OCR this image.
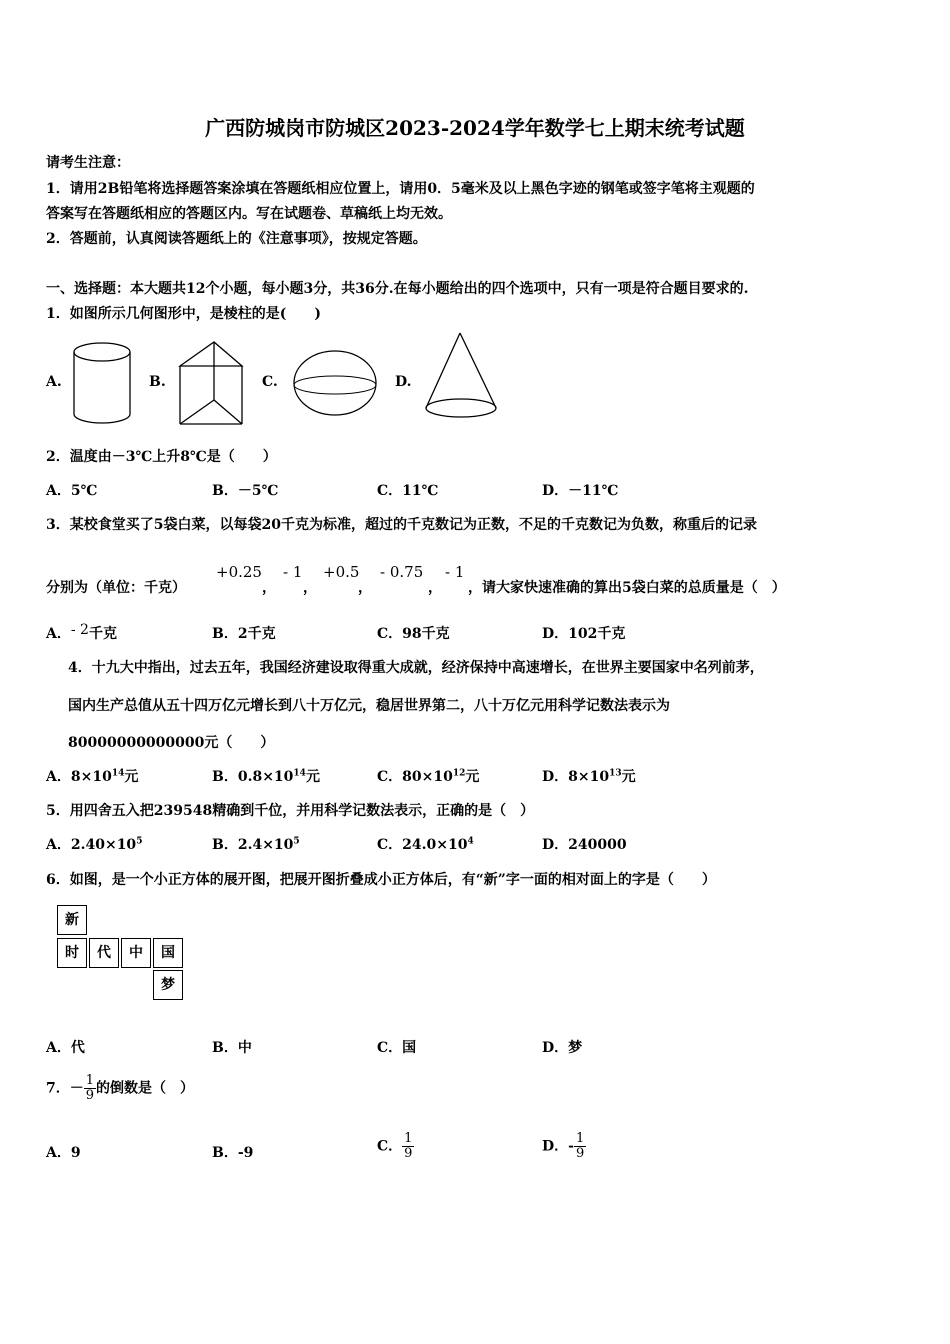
广西防城岗市防城区2023-2024学年数学七上期末统考试题
请考生注意：
1．请用2B铅笔将选择题答案涂填在答题纸相应位置上，请用0．5毫米及以上黑色字迹的钢笔或签字笔将主观题的
答案写在答题纸相应的答题区内。写在试题卷、草稿纸上均无效。
2．答题前，认真阅读答题纸上的《注意事项》，按规定答题。
一、选择题：本大题共12个小题，每小题3分，共36分.在每小题给出的四个选项中，只有一项是符合题目要求的.
1．如图所示几何图形中，是棱柱的是(　　)
A.	B.	C.	D.
2．温度由－3℃上升8℃是（　　）
A．5℃	B．－5℃	C．11℃	D．－11℃
3．某校食堂买了5袋白菜，以每袋20千克为标准，超过的千克数记为正数，不足的千克数记为负数，称重后的记录
分别为（单位：千克）
+0.25
，
- 1
，
+0.5
，
- 0.75
，
- 1
，请大家快速准确的算出5袋白菜的总质量是（　）
A．- 2千克	B．2千克	C．98千克	D．102千克
4．十九大中指出，过去五年，我国经济建设取得重大成就，经济保持中高速增长，在世界主要国家中名列前茅，
国内生产总值从五十四万亿元增长到八十万亿元，稳居世界第二，八十万亿元用科学记数法表示为
80000000000000元（　　）
A．$8\times 10^{14}$元	B．$0.8\times 10^{14}$元	C．$80\times 10^{12}$元	D．$8\times 10^{13}$元
5．用四舍五入把239548精确到千位，并用科学记数法表示，正确的是（　）
A．$2.40\times 10^5$	B．$2.4\times 10^5$	C．$24.0\times 10^4$	D．240000
6．如图，是一个小正方体的展开图，把展开图折叠成小正方体后，有“新”字一面的相对面上的字是（　　）
新
时	代	中	国
梦
A．代	B．中	C．国	D．梦
7．－ $\frac{1}{9}$ 的倒数是（　）
A．9	B．-9	C． $\frac{1}{9}$	D．- $\frac{1}{9}$
